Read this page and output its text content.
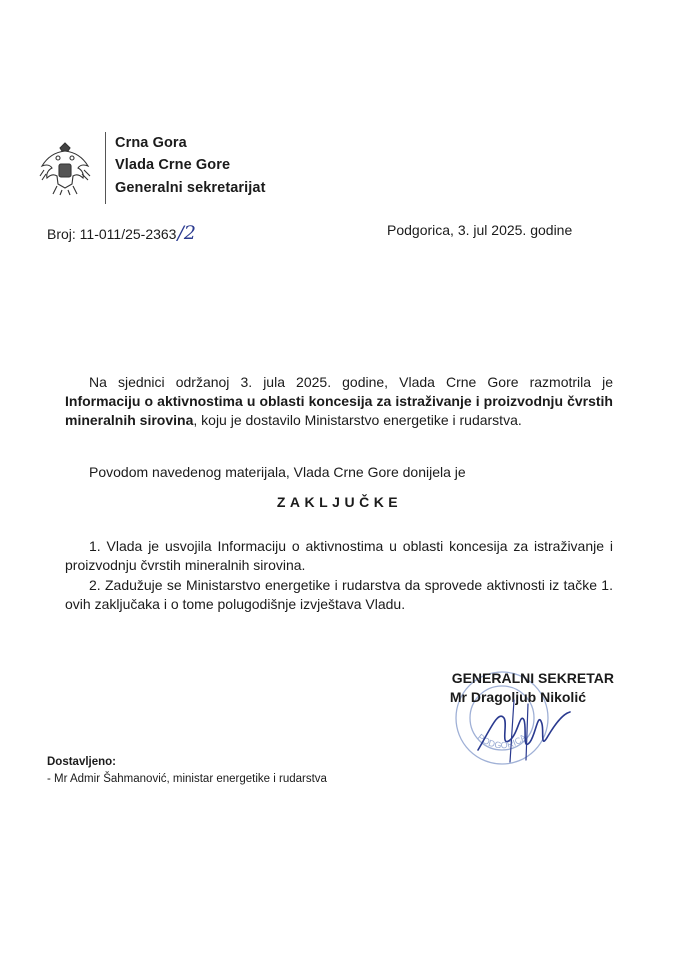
Crna Gora
Vlada Crne Gore
Generalni sekretarijat
Broj: 11-011/25-2363/2	Podgorica, 3. jul 2025. godine
Na sjednici održanoj 3. jula 2025. godine, Vlada Crne Gore razmotrila je Informaciju o aktivnostima u oblasti koncesija za istraživanje i proizvodnju čvrstih mineralnih sirovina, koju je dostavilo Ministarstvo energetike i rudarstva.
Povodom navedenog materijala, Vlada Crne Gore donijela je
ZAKLJUČKE
1. Vlada je usvojila Informaciju o aktivnostima u oblasti koncesija za istraživanje i proizvodnju čvrstih mineralnih sirovina.
2. Zadužuje se Ministarstvo energetike i rudarstva da sprovede aktivnosti iz tačke 1. ovih zaključaka i o tome polugodišnje izvještava Vladu.
PODGORICA
GENERALNI SEKRETAR
Mr Dragoljub Nikolić
Dostavljeno:
- Mr Admir Šahmanović, ministar energetike i rudarstva
